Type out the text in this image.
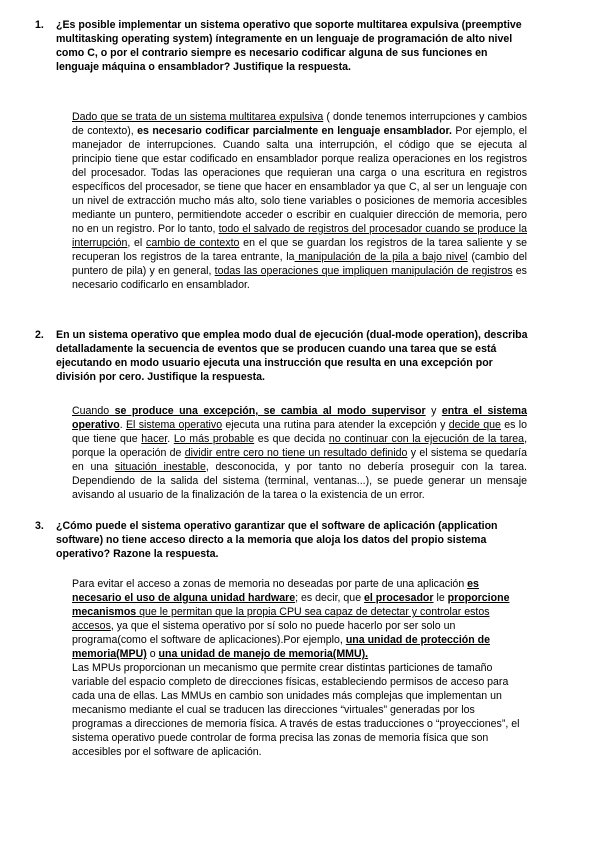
1. ¿Es posible implementar un sistema operativo que soporte multitarea expulsiva (preemptive multitasking operating system) íntegramente en un lenguaje de programación de alto nivel como C, o por el contrario siempre es necesario codificar alguna de sus funciones en lenguaje máquina o ensamblador? Justifique la respuesta.

Dado que se trata de un sistema multitarea expulsiva ( donde tenemos interrupciones y cambios de contexto), es necesario codificar parcialmente en lenguaje ensamblador. Por ejemplo, el manejador de interrupciones. Cuando salta una interrupción, el código que se ejecuta al principio tiene que estar codificado en ensamblador porque realiza operaciones en los registros del procesador. Todas las operaciones que requieran una carga o una escritura en registros específicos del procesador, se tiene que hacer en ensamblador ya que C, al ser un lenguaje con un nivel de extracción mucho más alto, solo tiene variables o posiciones de memoria accesibles mediante un puntero, permitiendote acceder o escribir en cualquier dirección de memoria, pero no en un registro. Por lo tanto, todo el salvado de registros del procesador cuando se produce la interrupción, el cambio de contexto en el que se guardan los registros de la tarea saliente y se recuperan los registros de la tarea entrante, la manipulación de la pila a bajo nivel (cambio del puntero de pila) y en general, todas las operaciones que impliquen manipulación de registros es necesario codificarlo en ensamblador.

2. En un sistema operativo que emplea modo dual de ejecución (dual-mode operation), describa detalladamente la secuencia de eventos que se producen cuando una tarea que se está ejecutando en modo usuario ejecuta una instrucción que resulta en una excepción por división por cero. Justifique la respuesta.

Cuando se produce una excepción, se cambia al modo supervisor y entra el sistema operativo. El sistema operativo ejecuta una rutina para atender la excepción y decide que es lo que tiene que hacer. Lo más probable es que decida no continuar con la ejecución de la tarea, porque la operación de dividir entre cero no tiene un resultado definido y el sistema se quedaría en una situación inestable, desconocida, y por tanto no debería proseguir con la tarea. Dependiendo de la salida del sistema (terminal, ventanas...), se puede generar un mensaje avisando al usuario de la finalización de la tarea o la existencia de un error.

3. ¿Cómo puede el sistema operativo garantizar que el software de aplicación (application software) no tiene acceso directo a la memoria que aloja los datos del propio sistema operativo? Razone la respuesta.

Para evitar el acceso a zonas de memoria no deseadas por parte de una aplicación es necesario el uso de alguna unidad hardware; es decir, que el procesador le proporcione mecanismos que le permitan que la propia CPU sea capaz de detectar y controlar estos accesos, ya que el sistema operativo por sí solo no puede hacerlo por ser solo un programa(como el software de aplicaciones).Por ejemplo, una unidad de protección de memoria(MPU) o una unidad de manejo de memoria(MMU).
Las MPUs proporcionan un mecanismo que permite crear distintas particiones de tamaño variable del espacio completo de direcciones físicas, estableciendo permisos de acceso para cada una de ellas. Las MMUs en cambio son unidades más complejas que implementan un mecanismo mediante el cual se traducen las direcciones “virtuales” generadas por los programas a direcciones de memoria física. A través de estas traducciones o “proyecciones”, el sistema operativo puede controlar de forma precisa las zonas de memoria física que son accesibles por el software de aplicación.
